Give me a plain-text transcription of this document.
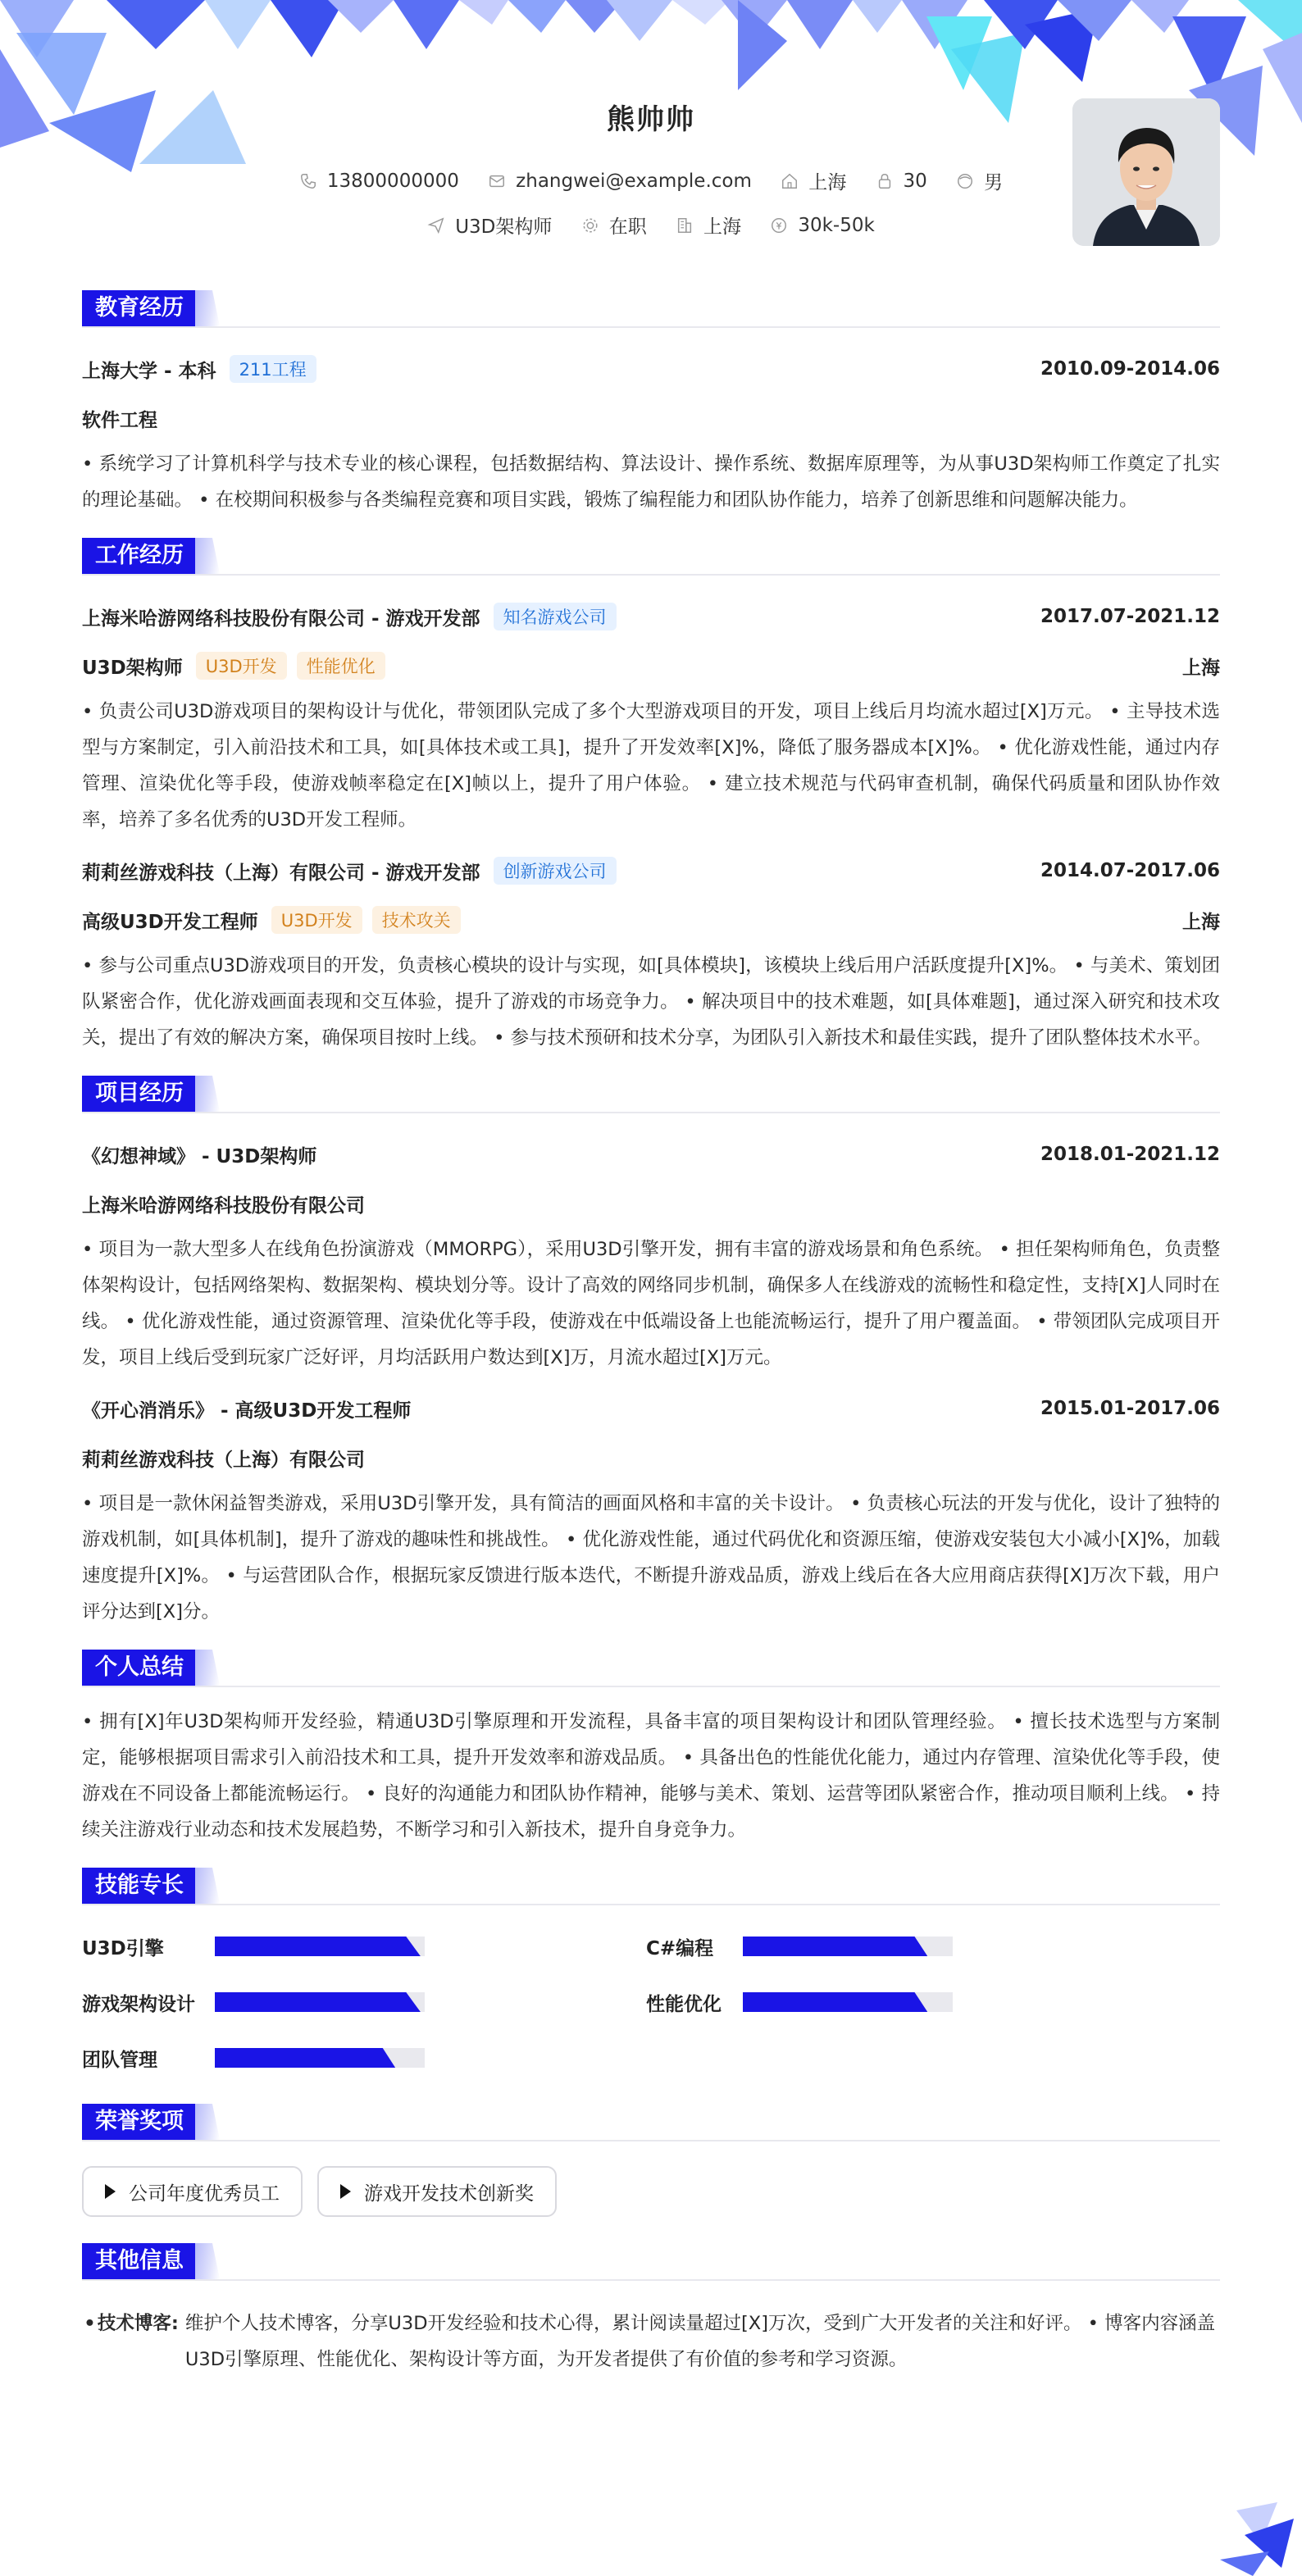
熊帅帅
13800000000
	zhangwei@example.com
	上海
	30
	男
U3D架构师
	在职
	上海
	30k-50k
教育经历
上海大学 - 本科	211工程	2010.09-2014.06
软件工程
• 系统学习了计算机科学与技术专业的核心课程，包括数据结构、算法设计、操作系统、数据库原理等，为从事U3D架构师工作奠定了扎实的理论基础。 • 在校期间积极参与各类编程竞赛和项目实践，锻炼了编程能力和团队协作能力，培养了创新思维和问题解决能力。
工作经历
上海米哈游网络科技股份有限公司 - 游戏开发部	知名游戏公司	2017.07-2021.12
U3D架构师	U3D开发	性能优化	上海
• 负责公司U3D游戏项目的架构设计与优化，带领团队完成了多个大型游戏项目的开发，项目上线后月均流水超过[X]万元。 • 主导技术选型与方案制定，引入前沿技术和工具，如[具体技术或工具]，提升了开发效率[X]%，降低了服务器成本[X]%。 • 优化游戏性能，通过内存管理、渲染优化等手段，使游戏帧率稳定在[X]帧以上，提升了用户体验。 • 建立技术规范与代码审查机制，确保代码质量和团队协作效率，培养了多名优秀的U3D开发工程师。
莉莉丝游戏科技（上海）有限公司 - 游戏开发部	创新游戏公司	2014.07-2017.06
高级U3D开发工程师	U3D开发	技术攻关	上海
• 参与公司重点U3D游戏项目的开发，负责核心模块的设计与实现，如[具体模块]，该模块上线后用户活跃度提升[X]%。 • 与美术、策划团队紧密合作，优化游戏画面表现和交互体验，提升了游戏的市场竞争力。 • 解决项目中的技术难题，如[具体难题]，通过深入研究和技术攻关，提出了有效的解决方案，确保项目按时上线。 • 参与技术预研和技术分享，为团队引入新技术和最佳实践，提升了团队整体技术水平。
项目经历
《幻想神域》 - U3D架构师	2018.01-2021.12
上海米哈游网络科技股份有限公司
• 项目为一款大型多人在线角色扮演游戏（MMORPG），采用U3D引擎开发，拥有丰富的游戏场景和角色系统。 • 担任架构师角色，负责整体架构设计，包括网络架构、数据架构、模块划分等。设计了高效的网络同步机制，确保多人在线游戏的流畅性和稳定性，支持[X]人同时在线。 • 优化游戏性能，通过资源管理、渲染优化等手段，使游戏在中低端设备上也能流畅运行，提升了用户覆盖面。 • 带领团队完成项目开发，项目上线后受到玩家广泛好评，月均活跃用户数达到[X]万，月流水超过[X]万元。
《开心消消乐》 - 高级U3D开发工程师	2015.01-2017.06
莉莉丝游戏科技（上海）有限公司
• 项目是一款休闲益智类游戏，采用U3D引擎开发，具有简洁的画面风格和丰富的关卡设计。 • 负责核心玩法的开发与优化，设计了独特的游戏机制，如[具体机制]，提升了游戏的趣味性和挑战性。 • 优化游戏性能，通过代码优化和资源压缩，使游戏安装包大小减小[X]%，加载速度提升[X]%。 • 与运营团队合作，根据玩家反馈进行版本迭代，不断提升游戏品质，游戏上线后在各大应用商店获得[X]万次下载，用户评分达到[X]分。
个人总结
• 拥有[X]年U3D架构师开发经验，精通U3D引擎原理和开发流程，具备丰富的项目架构设计和团队管理经验。 • 擅长技术选型与方案制定，能够根据项目需求引入前沿技术和工具，提升开发效率和游戏品质。 • 具备出色的性能优化能力，通过内存管理、渲染优化等手段，使游戏在不同设备上都能流畅运行。 • 良好的沟通能力和团队协作精神，能够与美术、策划、运营等团队紧密合作，推动项目顺利上线。 • 持续关注游戏行业动态和技术发展趋势，不断学习和引入新技术，提升自身竞争力。
技能专长
U3D引擎	C#编程
游戏架构设计	性能优化
团队管理
荣誉奖项
公司年度优秀员工	游戏开发技术创新奖
其他信息
• 技术博客: 维护个人技术博客，分享U3D开发经验和技术心得，累计阅读量超过[X]万次，受到广大开发者的关注和好评。 • 博客内容涵盖U3D引擎原理、性能优化、架构设计等方面，为开发者提供了有价值的参考和学习资源。
